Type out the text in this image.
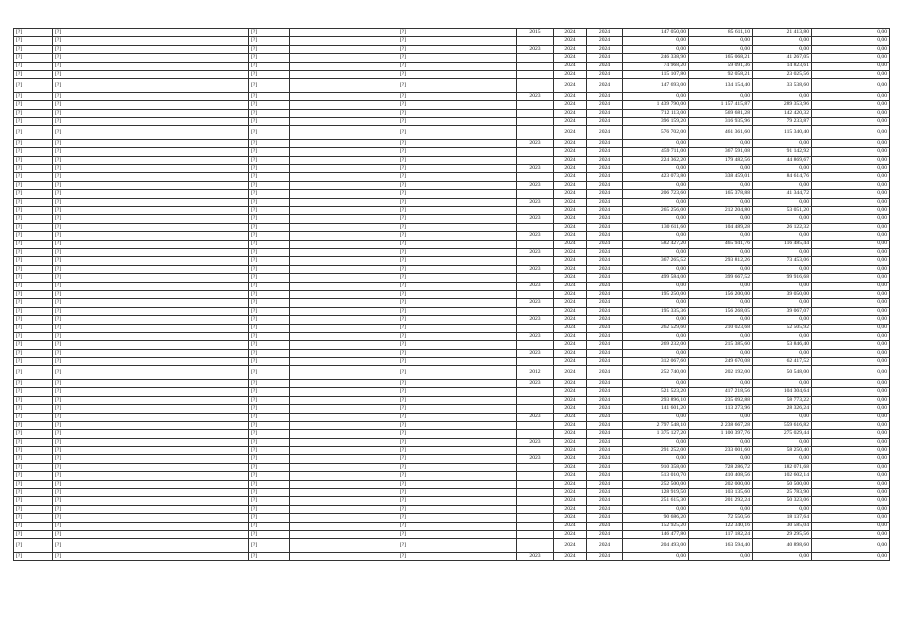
[?]	[?]	[?]	[?]	2015	2024	2024	147 050,00	85 611,10	21 413,80	0,00
[?]	[?]	[?]	[?]		2024	2024	0,00	0,00	0,00	0,00
[?]	[?]	[?]	[?]	2023	2024	2024	0,00	0,00	0,00	0,00
[?]	[?]	[?]	[?]		2024	2024	246 338,90	165 068,21	41 267,05	0,00
[?]	[?]	[?]	[?]		2024	2024	74 968,20	59 091,36	14 823,61	0,00
[?]	[?]	[?]	[?]		2024	2024	115 107,80	92 058,21	23 025,56	0,00
[?]	[?]	[?]	[?]		2024	2024	147 693,00	134 154,40	33 538,60	0,00
[?]	[?]	[?]	[?]	2023	2024	2024	0,00	0,00	0,00	0,00
[?]	[?]	[?]	[?]		2024	2024	1 439 790,00	1 157 415,87	289 353,96	0,00
[?]	[?]	[?]	[?]		2024	2024	712 113,00	569 681,28	142 420,32	0,00
[?]	[?]	[?]	[?]		2024	2024	396 159,20	316 935,96	79 233,87	0,00
[?]	[?]	[?]	[?]		2024	2024	576 702,00	461 361,60	115 340,40	0,00
[?]	[?]	[?]	[?]	2023	2024	2024	0,00	0,00	0,00	0,00
[?]	[?]	[?]	[?]		2024	2024	459 711,00	367 591,08	91 142,92	0,00
[?]	[?]	[?]	[?]		2024	2024	224 362,20	179 482,56	44 869,67	0,00
[?]	[?]	[?]	[?]	2023	2024	2024	0,00	0,00	0,00	0,00
[?]	[?]	[?]	[?]		2024	2024	423 073,80	338 459,01	84 614,76	0,00
[?]	[?]	[?]	[?]	2023	2024	2024	0,00	0,00	0,00	0,00
[?]	[?]	[?]	[?]		2024	2024	206 723,60	165 378,88	41 344,72	0,00
[?]	[?]	[?]	[?]	2023	2024	2024	0,00	0,00	0,00	0,00
[?]	[?]	[?]	[?]		2024	2024	265 256,00	212 204,80	53 051,20	0,00
[?]	[?]	[?]	[?]	2023	2024	2024	0,00	0,00	0,00	0,00
[?]	[?]	[?]	[?]		2024	2024	130 611,60	104 489,28	26 122,32	0,00
[?]	[?]	[?]	[?]	2023	2024	2024	0,00	0,00	0,00	0,00
[?]	[?]	[?]	[?]		2024	2024	582 427,20	465 941,76	116 485,44	0,00
[?]	[?]	[?]	[?]	2023	2024	2024	0,00	0,00	0,00	0,00
[?]	[?]	[?]	[?]		2024	2024	367 265,52	293 812,26	73 453,06	0,00
[?]	[?]	[?]	[?]	2023	2024	2024	0,00	0,00	0,00	0,00
[?]	[?]	[?]	[?]		2024	2024	499 584,00	399 667,52	99 916,68	0,00
[?]	[?]	[?]	[?]	2023	2024	2024	0,00	0,00	0,00	0,00
[?]	[?]	[?]	[?]		2024	2024	195 250,00	156 200,00	39 050,00	0,00
[?]	[?]	[?]	[?]	2023	2024	2024	0,00	0,00	0,00	0,00
[?]	[?]	[?]	[?]		2024	2024	195 335,36	156 268,05	39 067,07	0,00
[?]	[?]	[?]	[?]	2023	2024	2024	0,00	0,00	0,00	0,00
[?]	[?]	[?]	[?]		2024	2024	262 529,60	210 023,68	52 505,92	0,00
[?]	[?]	[?]	[?]	2023	2024	2024	0,00	0,00	0,00	0,00
[?]	[?]	[?]	[?]		2024	2024	269 232,00	215 385,60	53 846,40	0,00
[?]	[?]	[?]	[?]	2023	2024	2024	0,00	0,00	0,00	0,00
[?]	[?]	[?]	[?]		2024	2024	312 067,60	249 670,08	62 417,52	0,00
[?]	[?]	[?]	[?]	2012	2024	2024	252 740,00	202 192,00	50 548,00	0,00
[?]	[?]	[?]	[?]	2023	2024	2024	0,00	0,00	0,00	0,00
[?]	[?]	[?]	[?]		2024	2024	521 523,20	417 218,56	104 304,64	0,00
[?]	[?]	[?]	[?]		2024	2024	293 896,10	235 092,88	58 773,22	0,00
[?]	[?]	[?]	[?]		2024	2024	141 601,20	113 273,96	28 326,24	0,00
[?]	[?]	[?]	[?]	2023	2024	2024	0,00	0,00	0,00	0,00
[?]	[?]	[?]	[?]		2024	2024	2 797 548,10	2 238 667,28	559 616,82	0,00
[?]	[?]	[?]	[?]		2024	2024	1 375 127,20	1 100 397,76	275 029,44	0,00
[?]	[?]	[?]	[?]	2023	2024	2024	0,00	0,00	0,00	0,00
[?]	[?]	[?]	[?]		2024	2024	291 252,00	233 001,60	58 250,40	0,00
[?]	[?]	[?]	[?]	2023	2024	2024	0,00	0,00	0,00	0,00
[?]	[?]	[?]	[?]		2024	2024	910 358,00	728 286,72	182 071,68	0,00
[?]	[?]	[?]	[?]		2024	2024	513 010,70	410 408,56	102 602,14	0,00
[?]	[?]	[?]	[?]		2024	2024	252 500,00	202 000,00	50 500,00	0,00
[?]	[?]	[?]	[?]		2024	2024	128 919,50	103 135,60	25 783,90	0,00
[?]	[?]	[?]	[?]		2024	2024	251 615,30	201 292,24	50 323,06	0,00
[?]	[?]	[?]	[?]		2024	2024	0,00	0,00	0,00	0,00
[?]	[?]	[?]	[?]		2024	2024	90 686,20	72 550,56	18 137,64	0,00
[?]	[?]	[?]	[?]		2024	2024	152 925,20	122 340,16	30 585,04	0,00
[?]	[?]	[?]	[?]		2024	2024	146 477,80	117 182,24	29 295,56	0,00
[?]	[?]	[?]	[?]		2024	2024	204 493,00	163 594,40	40 898,60	0,00
[?]	[?]	[?]	[?]	2023	2024	2024	0,00	0,00	0,00	0,00
